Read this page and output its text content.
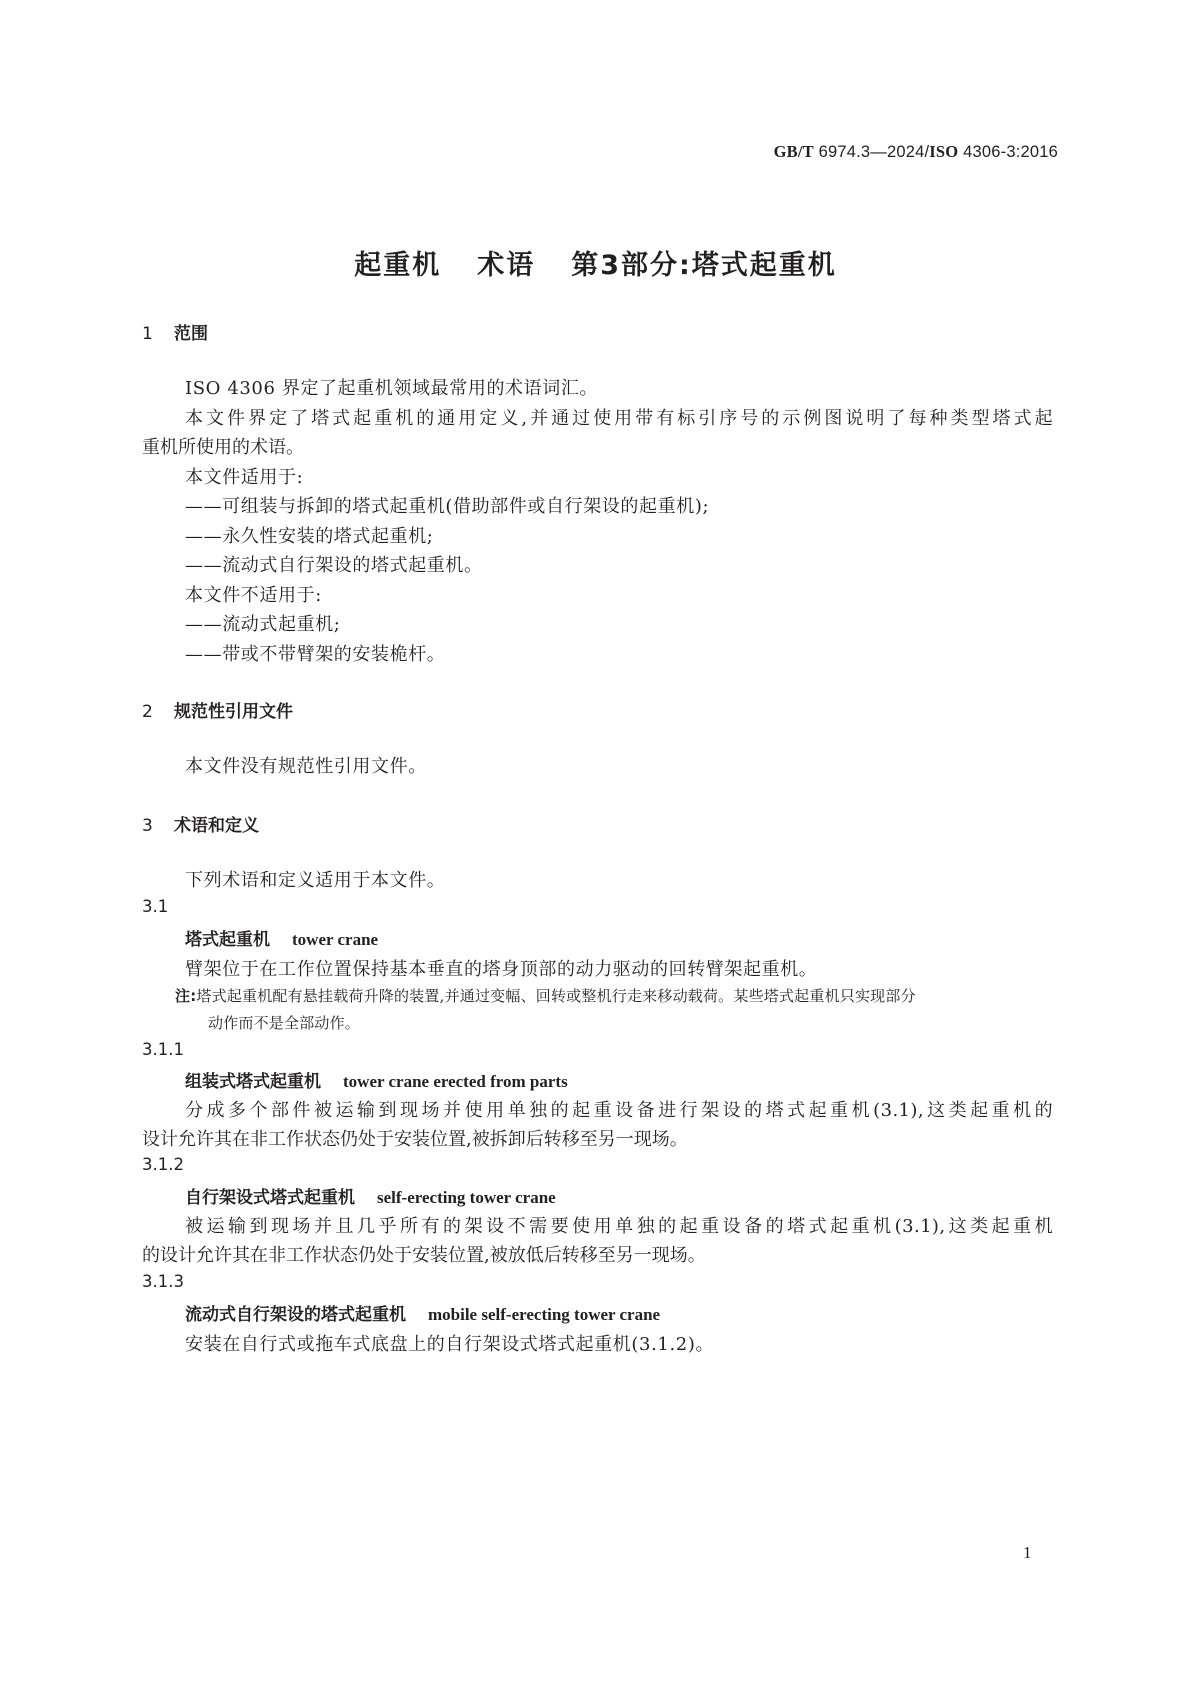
GB/T 6974.3—2024/ISO 4306-3:2016
起重机 术语 第3部分:塔式起重机
1 范围
ISO 4306 界定了起重机领域最常用的术语词汇。
本文件界定了塔式起重机的通用定义,并通过使用带有标引序号的示例图说明了每种类型塔式起
重机所使用的术语。
本文件适用于:
——可组装与拆卸的塔式起重机(借助部件或自行架设的起重机);
——永久性安装的塔式起重机;
——流动式自行架设的塔式起重机。
本文件不适用于:
——流动式起重机;
——带或不带臂架的安装桅杆。
2 规范性引用文件
本文件没有规范性引用文件。
3 术语和定义
下列术语和定义适用于本文件。
3.1
塔式起重机 tower crane
臂架位于在工作位置保持基本垂直的塔身顶部的动力驱动的回转臂架起重机。
注:塔式起重机配有悬挂载荷升降的装置,并通过变幅、回转或整机行走来移动载荷。某些塔式起重机只实现部分
动作而不是全部动作。
3.1.1
组装式塔式起重机 tower crane erected from parts
分成多个部件被运输到现场并使用单独的起重设备进行架设的塔式起重机(3.1),这类起重机的
设计允许其在非工作状态仍处于安装位置,被拆卸后转移至另一现场。
3.1.2
自行架设式塔式起重机 self-erecting tower crane
被运输到现场并且几乎所有的架设不需要使用单独的起重设备的塔式起重机(3.1),这类起重机
的设计允许其在非工作状态仍处于安装位置,被放低后转移至另一现场。
3.1.3
流动式自行架设的塔式起重机 mobile self-erecting tower crane
安装在自行式或拖车式底盘上的自行架设式塔式起重机(3.1.2)。
1
